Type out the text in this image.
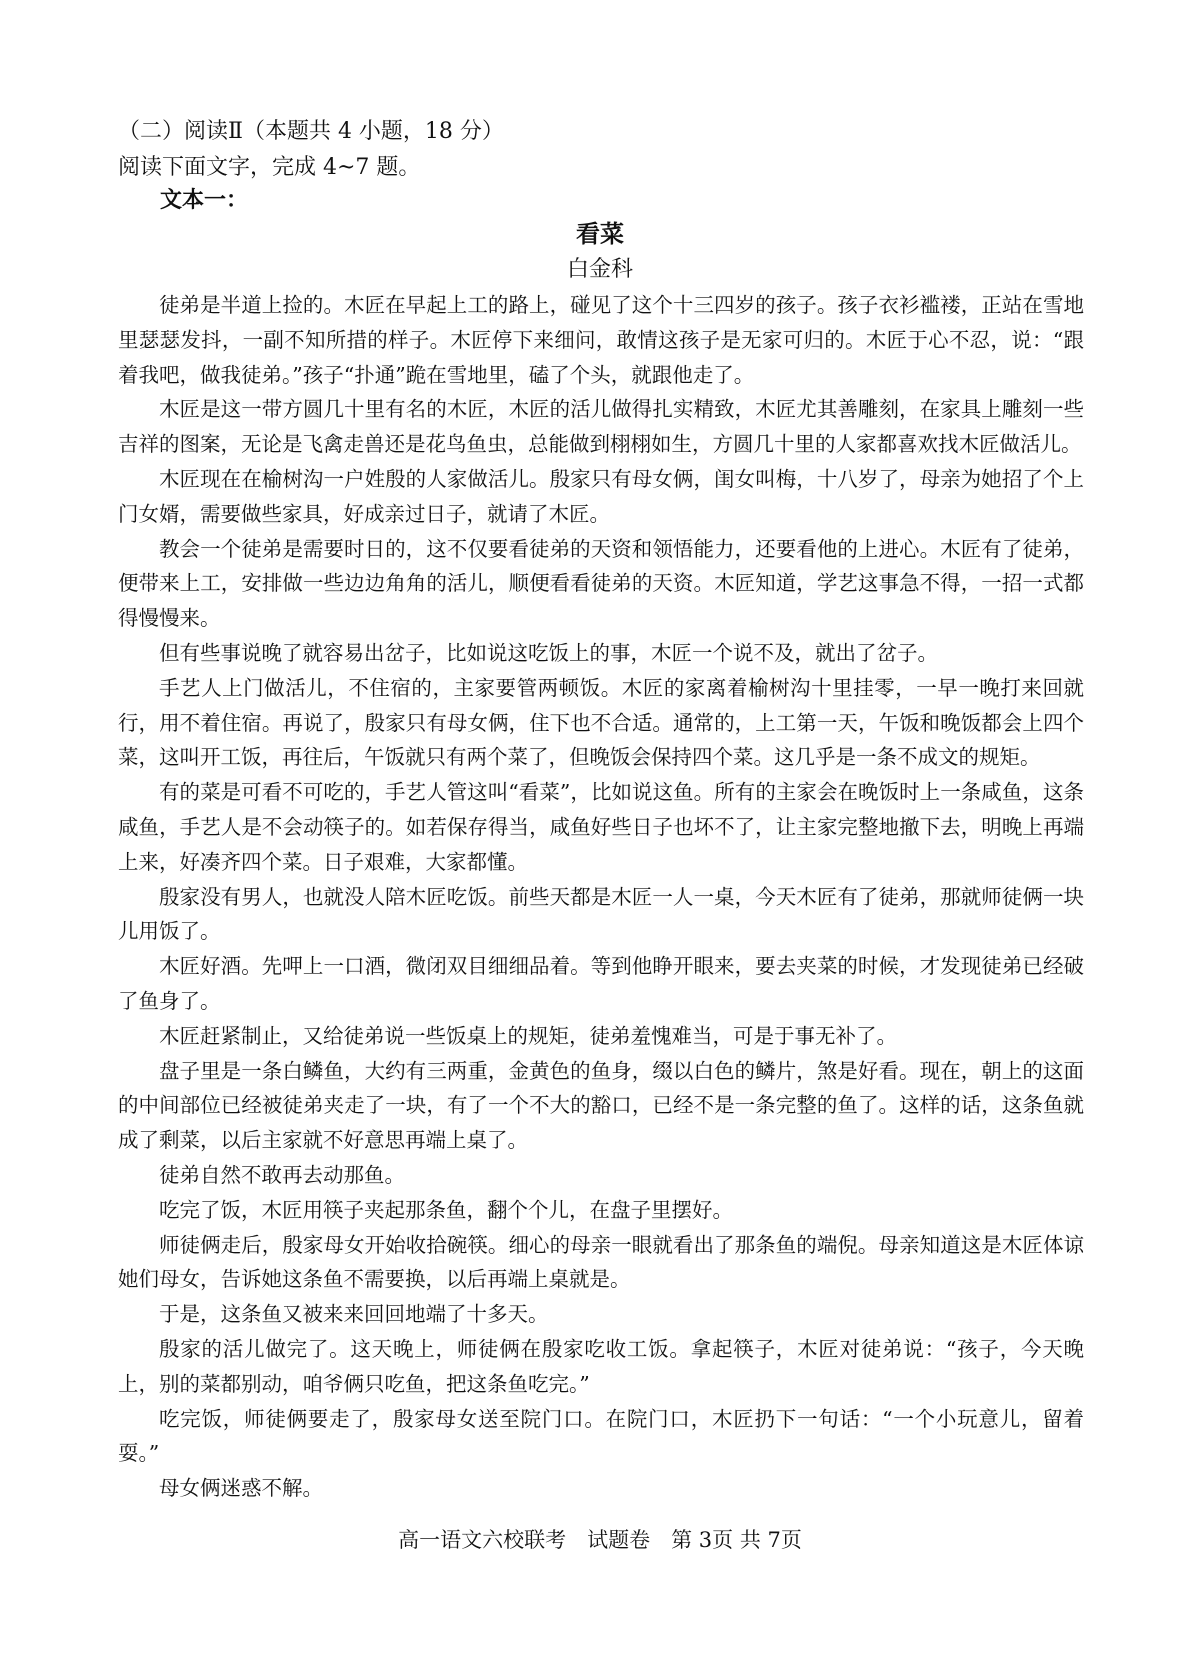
（二）阅读Ⅱ（本题共 4 小题，18 分）
阅读下面文字，完成 4~7 题。
文本一：
看菜
白金科

徒弟是半道上捡的。木匠在早起上工的路上，碰见了这个十三四岁的孩子。孩子衣衫褴褛，正站在雪地里瑟瑟发抖，一副不知所措的样子。木匠停下来细问，敢情这孩子是无家可归的。木匠于心不忍，说：“跟着我吧，做我徒弟。”孩子“扑通”跪在雪地里，磕了个头，就跟他走了。

木匠是这一带方圆几十里有名的木匠，木匠的活儿做得扎实精致，木匠尤其善雕刻，在家具上雕刻一些吉祥的图案，无论是飞禽走兽还是花鸟鱼虫，总能做到栩栩如生，方圆几十里的人家都喜欢找木匠做活儿。

木匠现在在榆树沟一户姓殷的人家做活儿。殷家只有母女俩，闺女叫梅，十八岁了，母亲为她招了个上门女婿，需要做些家具，好成亲过日子，就请了木匠。

教会一个徒弟是需要时日的，这不仅要看徒弟的天资和领悟能力，还要看他的上进心。木匠有了徒弟，便带来上工，安排做一些边边角角的活儿，顺便看看徒弟的天资。木匠知道，学艺这事急不得，一招一式都得慢慢来。

但有些事说晚了就容易出岔子，比如说这吃饭上的事，木匠一个说不及，就出了岔子。

手艺人上门做活儿，不住宿的，主家要管两顿饭。木匠的家离着榆树沟十里挂零，一早一晚打来回就行，用不着住宿。再说了，殷家只有母女俩，住下也不合适。通常的，上工第一天，午饭和晚饭都会上四个菜，这叫开工饭，再往后，午饭就只有两个菜了，但晚饭会保持四个菜。这几乎是一条不成文的规矩。

有的菜是可看不可吃的，手艺人管这叫“看菜”，比如说这鱼。所有的主家会在晚饭时上一条咸鱼，这条咸鱼，手艺人是不会动筷子的。如若保存得当，咸鱼好些日子也坏不了，让主家完整地撤下去，明晚上再端上来，好凑齐四个菜。日子艰难，大家都懂。

殷家没有男人，也就没人陪木匠吃饭。前些天都是木匠一人一桌，今天木匠有了徒弟，那就师徒俩一块儿用饭了。

木匠好酒。先呷上一口酒，微闭双目细细品着。等到他睁开眼来，要去夹菜的时候，才发现徒弟已经破了鱼身了。

木匠赶紧制止，又给徒弟说一些饭桌上的规矩，徒弟羞愧难当，可是于事无补了。

盘子里是一条白鳞鱼，大约有三两重，金黄色的鱼身，缀以白色的鳞片，煞是好看。现在，朝上的这面的中间部位已经被徒弟夹走了一块，有了一个不大的豁口，已经不是一条完整的鱼了。这样的话，这条鱼就成了剩菜，以后主家就不好意思再端上桌了。

徒弟自然不敢再去动那鱼。

吃完了饭，木匠用筷子夹起那条鱼，翻个个儿，在盘子里摆好。

师徒俩走后，殷家母女开始收拾碗筷。细心的母亲一眼就看出了那条鱼的端倪。母亲知道这是木匠体谅她们母女，告诉她这条鱼不需要换，以后再端上桌就是。

于是，这条鱼又被来来回回地端了十多天。

殷家的活儿做完了。这天晚上，师徒俩在殷家吃收工饭。拿起筷子，木匠对徒弟说：“孩子，今天晚上，别的菜都别动，咱爷俩只吃鱼，把这条鱼吃完。”

吃完饭，师徒俩要走了，殷家母女送至院门口。在院门口，木匠扔下一句话：“一个小玩意儿，留着耍。”

母女俩迷惑不解。

高一语文六校联考　试题卷　第 3页 共 7页
